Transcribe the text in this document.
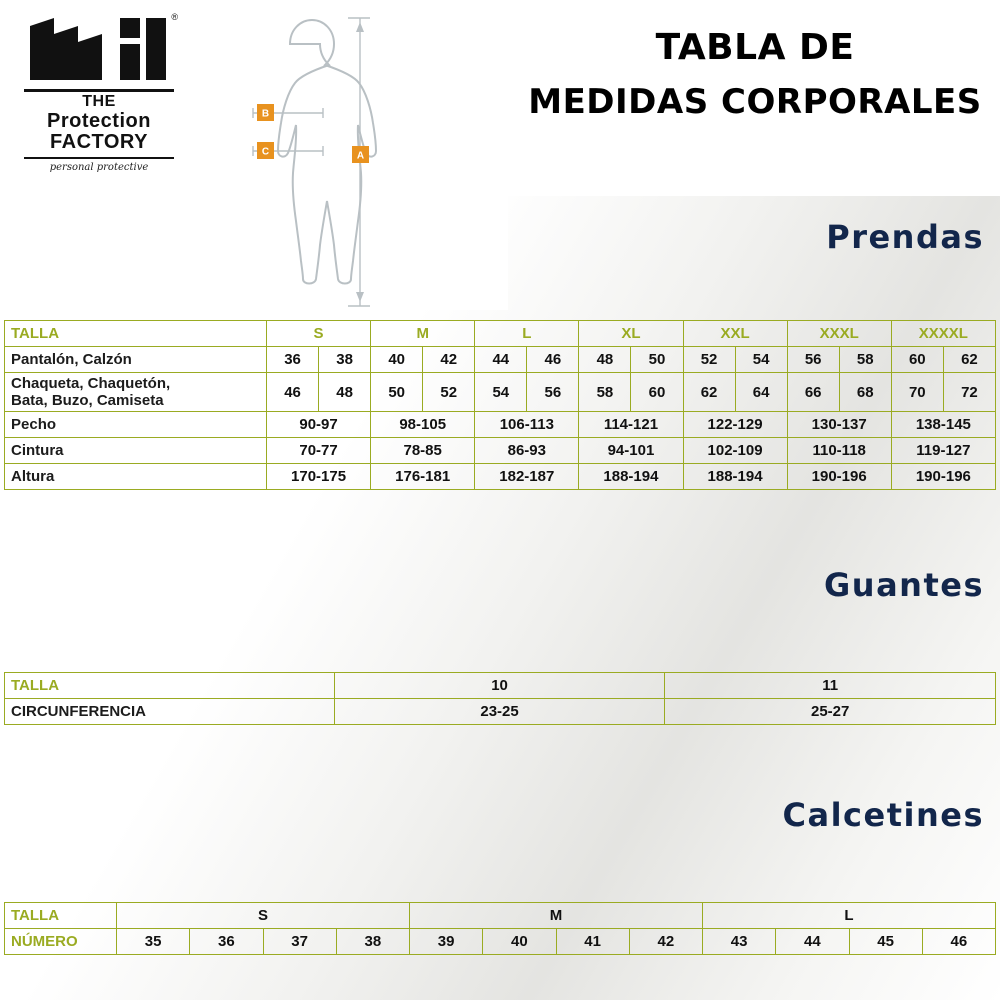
®
THE
Protection
FACTORY
personal protective
B
C	A
TABLA DE
MEDIDAS CORPORALES
Prendas
Guantes
Calcetines
TALLA	S		M		L		XL		XXL		XXXL		XXXXL	
Pantalón, Calzón	36	38	40	42	44	46	48	50	52	54	56	58	60	62

Chaqueta, Chaquetón,
Bata, Buzo, Camiseta	46	48	50	52	54	56	58	60	62	64	66	68	70	72
Pecho	90-97		98-105		106-113		114-121		122-129		130-137		138-145	
Cintura	70-77		78-85		86-93		94-101		102-109		110-118		119-127	
Altura	170-175		176-181		182-187		188-194		188-194		190-196		190-196	
TALLA	10	11
CIRCUNFERENCIA	23-25	25-27
TALLA	S				M				L			
NÚMERO	35	36	37	38	39	40	41	42	43	44	45	46
